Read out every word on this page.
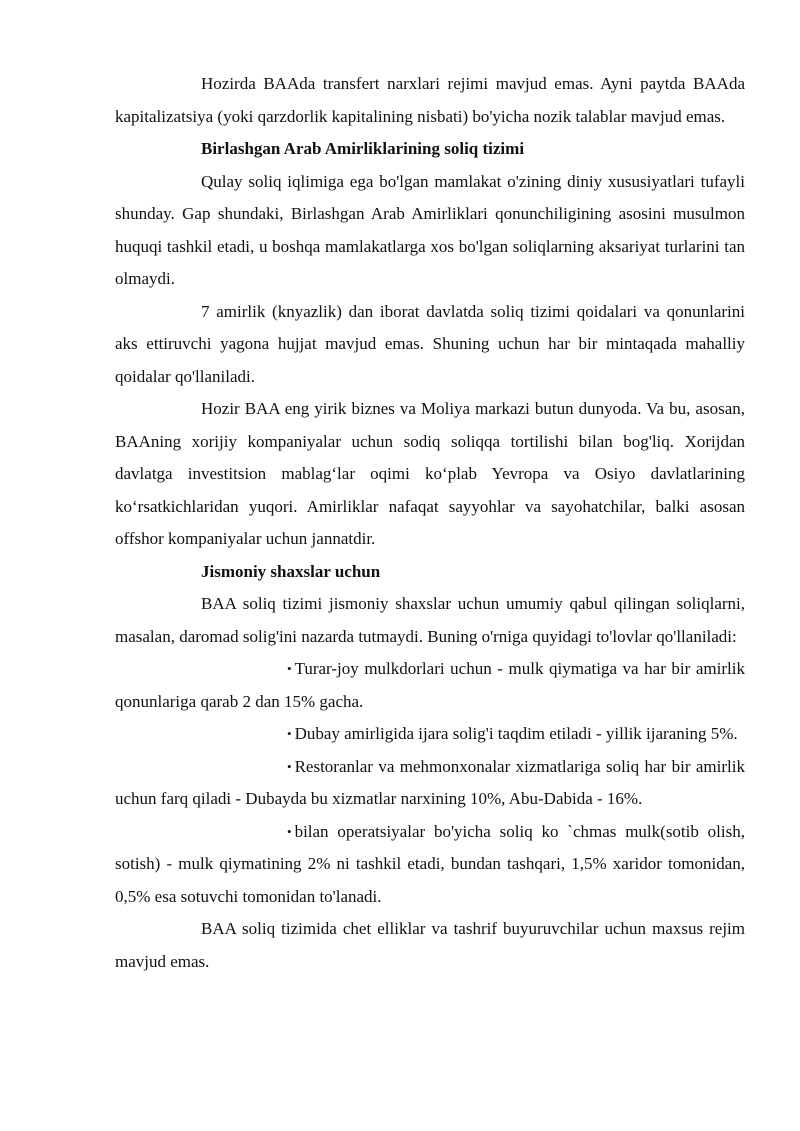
Hozirda BAAda transfert narxlari rejimi mavjud emas. Ayni paytda BAAda kapitalizatsiya (yoki qarzdorlik kapitalining nisbati) bo'yicha nozik talablar mavjud emas.

Birlashgan Arab Amirliklarining soliq tizimi

Qulay soliq iqlimiga ega bo'lgan mamlakat o'zining diniy xususiyatlari tufayli shunday. Gap shundaki, Birlashgan Arab Amirliklari qonunchiligining asosini musulmon huquqi tashkil etadi, u boshqa mamlakatlarga xos bo'lgan soliqlarning aksariyat turlarini tan olmaydi.

7 amirlik (knyazlik) dan iborat davlatda soliq tizimi qoidalari va qonunlarini aks ettiruvchi yagona hujjat mavjud emas. Shuning uchun har bir mintaqada mahalliy qoidalar qo'llaniladi.

Hozir BAA eng yirik biznes va Moliya markazi butun dunyoda. Va bu, asosan, BAAning xorijiy kompaniyalar uchun sodiq soliqqa tortilishi bilan bog'liq. Xorijdan davlatga investitsion mablag‘lar oqimi ko‘plab Yevropa va Osiyo davlatlarining ko‘rsatkichlaridan yuqori. Amirliklar nafaqat sayyohlar va sayohatchilar, balki asosan offshor kompaniyalar uchun jannatdir.

Jismoniy shaxslar uchun

BAA soliq tizimi jismoniy shaxslar uchun umumiy qabul qilingan soliqlarni, masalan, daromad solig'ini nazarda tutmaydi. Buning o'rniga quyidagi to'lovlar qo'llaniladi:

• Turar-joy mulkdorlari uchun - mulk qiymatiga va har bir amirlik qonunlariga qarab 2 dan 15% gacha.

• Dubay amirligida ijara solig'i taqdim etiladi - yillik ijaraning 5%.

• Restoranlar va mehmonxonalar xizmatlariga soliq har bir amirlik uchun farq qiladi - Dubayda bu xizmatlar narxining 10%, Abu-Dabida - 16%.

• bilan operatsiyalar bo'yicha soliq ko `chmas mulk(sotib olish, sotish) - mulk qiymatining 2% ni tashkil etadi, bundan tashqari, 1,5% xaridor tomonidan, 0,5% esa sotuvchi tomonidan to'lanadi.

BAA soliq tizimida chet elliklar va tashrif buyuruvchilar uchun maxsus rejim mavjud emas.
